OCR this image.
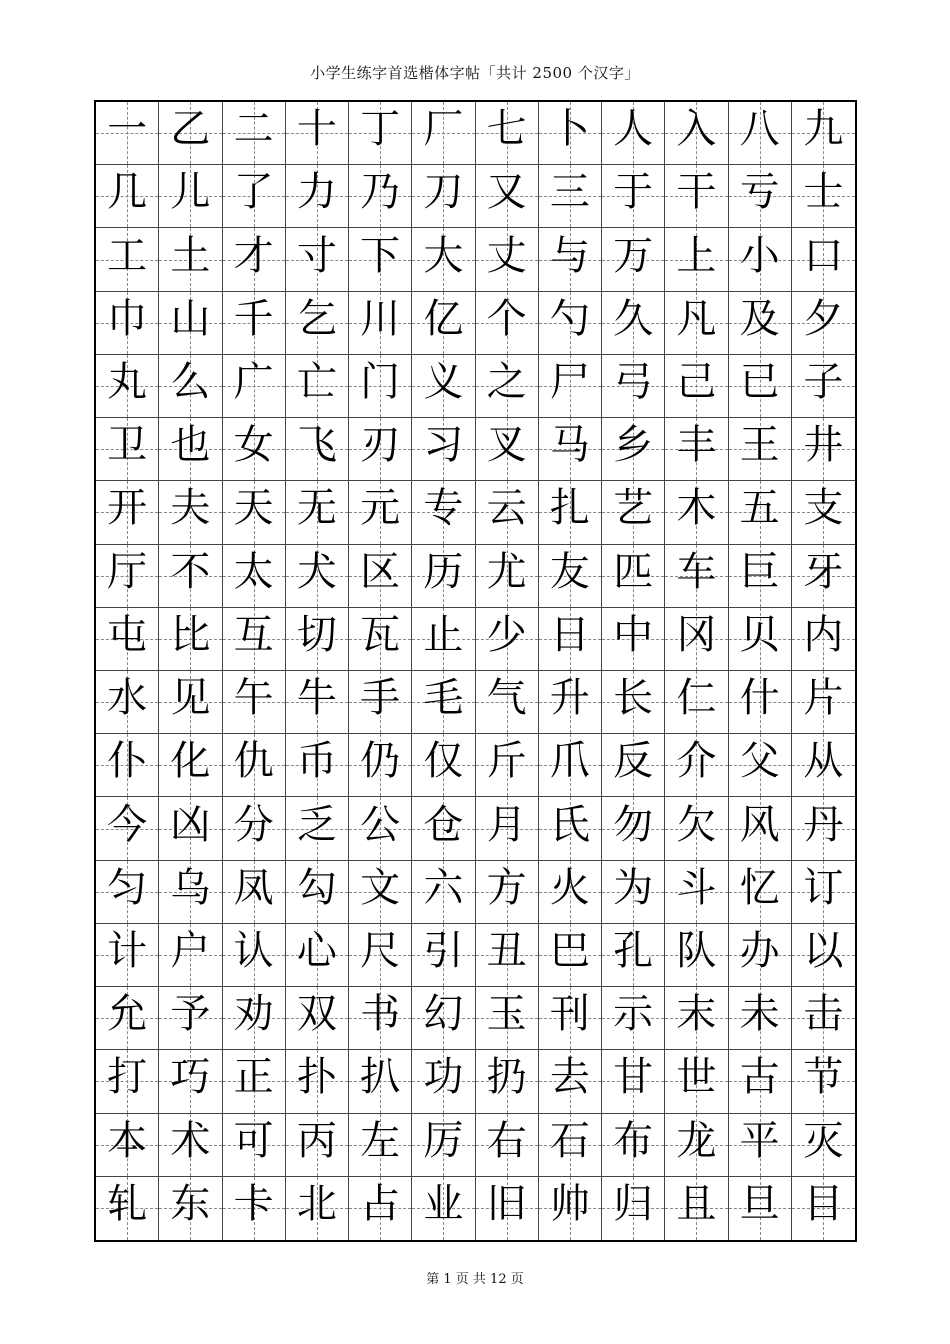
小学生练字首选楷体字帖「共计 2500 个汉字」
一 乙 二 十 丁 厂 七 卜 人 入 八 九
几 儿 了 力 乃 刀 又 三 于 干 亏 士
工 土 才 寸 下 大 丈 与 万 上 小 口
巾 山 千 乞 川 亿 个 勺 久 凡 及 夕
丸 么 广 亡 门 义 之 尸 弓 己 已 子
卫 也 女 飞 刃 习 叉 马 乡 丰 王 井
开 夫 天 无 元 专 云 扎 艺 木 五 支
厅 不 太 犬 区 历 尤 友 匹 车 巨 牙
屯 比 互 切 瓦 止 少 日 中 冈 贝 内
水 见 午 牛 手 毛 气 升 长 仁 什 片
仆 化 仇 币 仍 仅 斤 爪 反 介 父 从
今 凶 分 乏 公 仓 月 氏 勿 欠 风 丹
匀 乌 凤 勾 文 六 方 火 为 斗 忆 订
计 户 认 心 尺 引 丑 巴 孔 队 办 以
允 予 劝 双 书 幻 玉 刊 示 末 未 击
打 巧 正 扑 扒 功 扔 去 甘 世 古 节
本 术 可 丙 左 厉 右 石 布 龙 平 灭
轧 东 卡 北 占 业 旧 帅 归 且 旦 目
第 1 页 共 12 页
